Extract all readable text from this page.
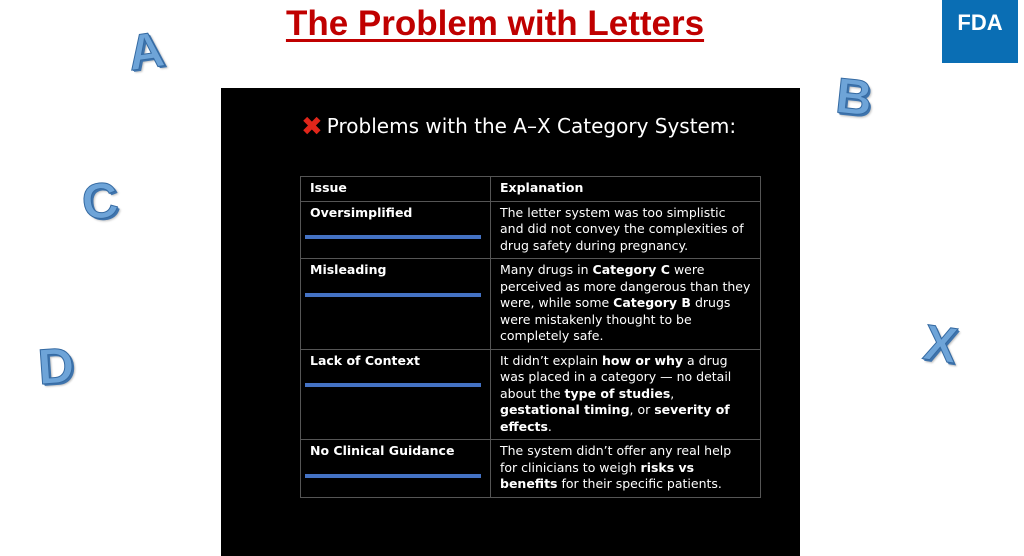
The Problem with Letters	FDA
A
B
C
D	X
✖ Problems with the A–X Category System:
Issue	Explanation

Oversimplified	The letter system was too simplistic and did not convey the complexities of drug safety during pregnancy.

Misleading	Many drugs in Category C were perceived as more dangerous than they were, while some Category B drugs were mistakenly thought to be completely safe.

Lack of Context	It didn’t explain how or why a drug was placed in a category — no detail about the type of studies, gestational timing, or severity of effects.

No Clinical Guidance	The system didn’t offer any real help for clinicians to weigh risks vs benefits for their specific patients.
